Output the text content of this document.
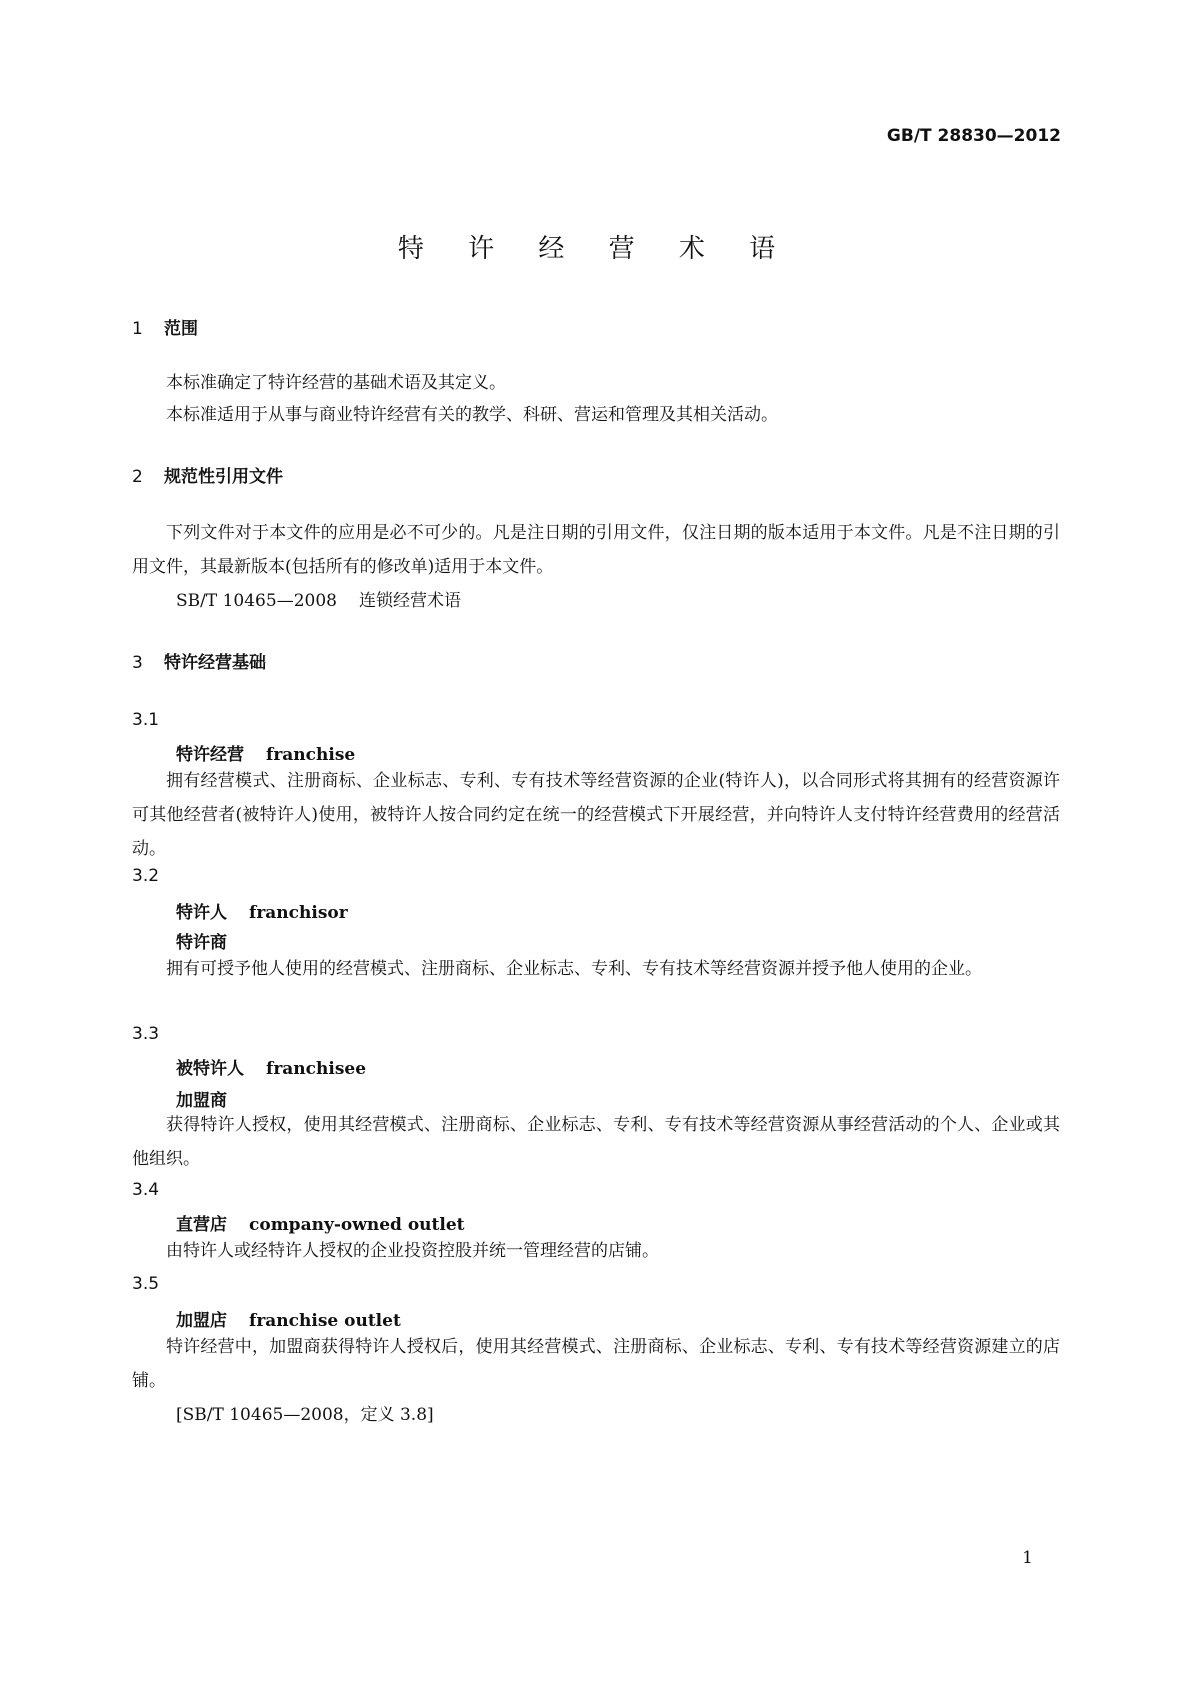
GB/T 28830—2012
特 许 经 营 术 语
1 范围
本标准确定了特许经营的基础术语及其定义。
本标准适用于从事与商业特许经营有关的教学、科研、营运和管理及其相关活动。
2 规范性引用文件
下列文件对于本文件的应用是必不可少的。凡是注日期的引用文件，仅注日期的版本适用于本文件。凡是不注日期的引用文件，其最新版本(包括所有的修改单)适用于本文件。
SB/T 10465—2008 连锁经营术语
3 特许经营基础
3.1
特许经营 franchise
拥有经营模式、注册商标、企业标志、专利、专有技术等经营资源的企业(特许人)，以合同形式将其拥有的经营资源许可其他经营者(被特许人)使用，被特许人按合同约定在统一的经营模式下开展经营，并向特许人支付特许经营费用的经营活动。
3.2
特许人 franchisor
特许商
拥有可授予他人使用的经营模式、注册商标、企业标志、专利、专有技术等经营资源并授予他人使用的企业。
3.3
被特许人 franchisee
加盟商
获得特许人授权，使用其经营模式、注册商标、企业标志、专利、专有技术等经营资源从事经营活动的个人、企业或其他组织。
3.4
直营店 company-owned outlet
由特许人或经特许人授权的企业投资控股并统一管理经营的店铺。
3.5
加盟店 franchise outlet
特许经营中，加盟商获得特许人授权后，使用其经营模式、注册商标、企业标志、专利、专有技术等经营资源建立的店铺。
[SB/T 10465—2008，定义 3.8]
1
